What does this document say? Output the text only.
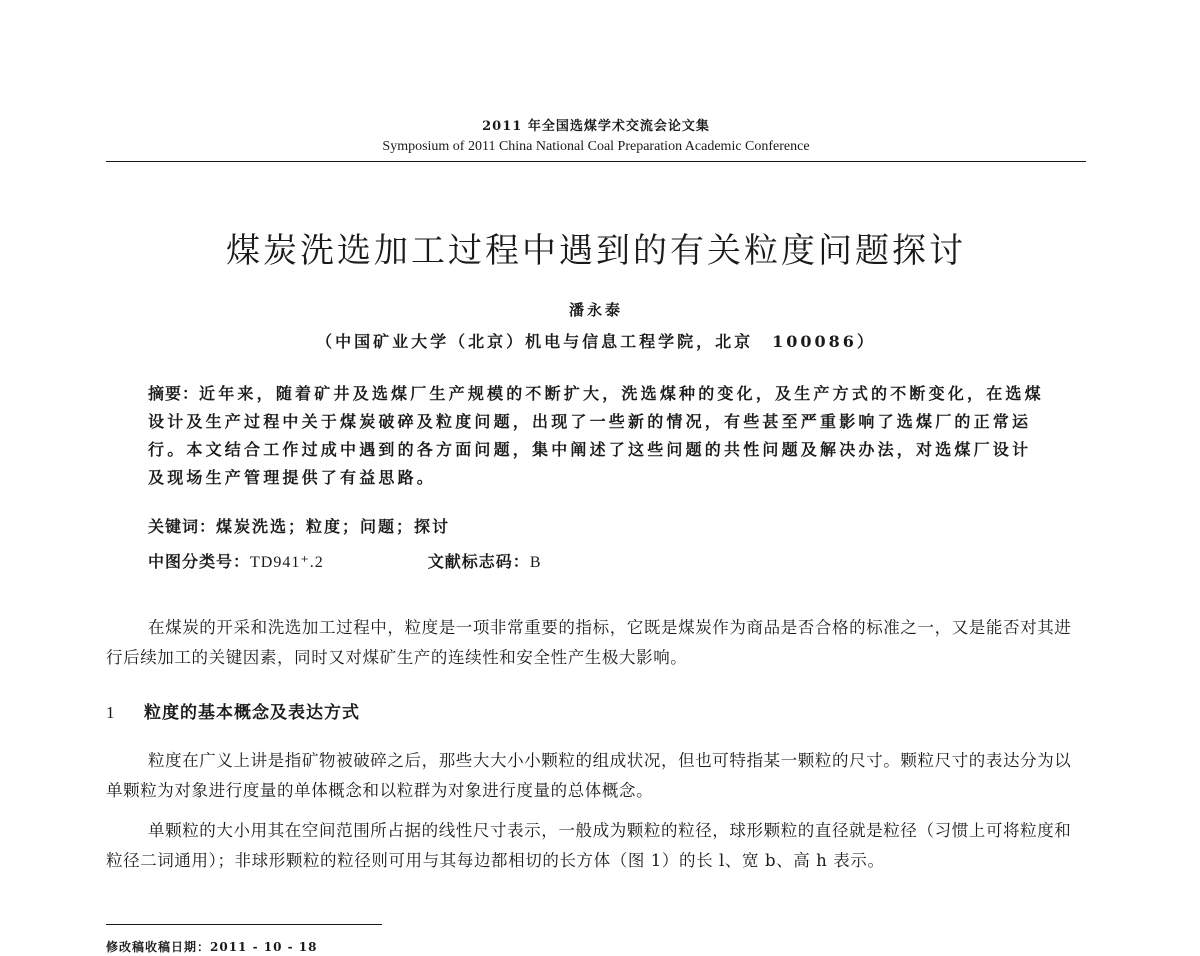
2011 年全国选煤学术交流会论文集
Symposium of 2011 China National Coal Preparation Academic Conference
煤炭洗选加工过程中遇到的有关粒度问题探讨
潘永泰
（中国矿业大学（北京）机电与信息工程学院，北京　100086）
摘要：近年来，随着矿井及选煤厂生产规模的不断扩大，洗选煤种的变化，及生产方式的不断变化，在选煤设计及生产过程中关于煤炭破碎及粒度问题，出现了一些新的情况，有些甚至严重影响了选煤厂的正常运行。本文结合工作过成中遇到的各方面问题，集中阐述了这些问题的共性问题及解决办法，对选煤厂设计及现场生产管理提供了有益思路。
关键词：煤炭洗选；粒度；问题；探讨
中图分类号：TD941⁺.2	文献标志码：B
在煤炭的开采和洗选加工过程中，粒度是一项非常重要的指标，它既是煤炭作为商品是否合格的标准之一，又是能否对其进行后续加工的关键因素，同时又对煤矿生产的连续性和安全性产生极大影响。
1 粒度的基本概念及表达方式
粒度在广义上讲是指矿物被破碎之后，那些大大小小颗粒的组成状况，但也可特指某一颗粒的尺寸。颗粒尺寸的表达分为以单颗粒为对象进行度量的单体概念和以粒群为对象进行度量的总体概念。
单颗粒的大小用其在空间范围所占据的线性尺寸表示，一般成为颗粒的粒径，球形颗粒的直径就是粒径（习惯上可将粒度和粒径二词通用）；非球形颗粒的粒径则可用与其每边都相切的长方体（图 1）的长 l、宽 b、高 h 表示。
修改稿收稿日期：2011 - 10 - 18
